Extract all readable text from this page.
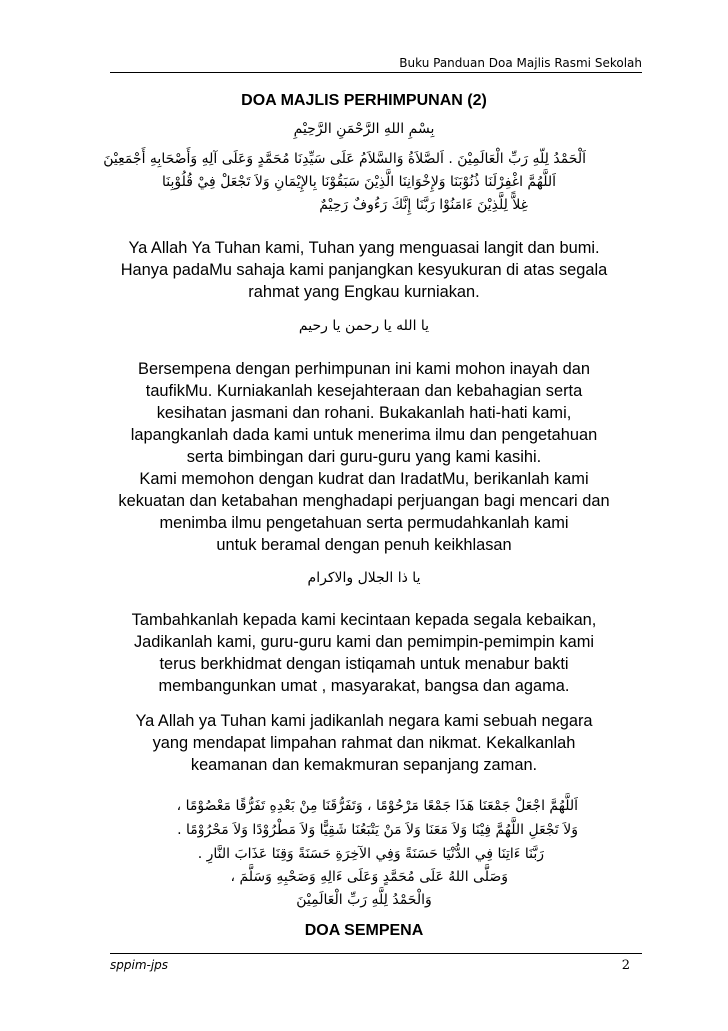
Buku Panduan Doa Majlis Rasmi Sekolah
DOA MAJLIS PERHIMPUNAN (2)
بِسْمِ اللهِ الرَّحْمَنِ الرَّحِيْمِ
اَلْحَمْدُ لِلّهِ رَبِّ الْعَالَمِيْنَ . اَلصَّلاَةُ وَالسَّلاَمُ عَلَى سَيِّدِنَا مُحَمَّدٍ وَعَلَى آلِهِ وَأَصْحَابِهِ أَجْمَعِيْنَ
اَللَّهُمَّ اغْفِرْلَنَا ذُنُوْبَنَا وَلإِخْوَانِنَا الَّذِيْنَ سَبَقُوْنَا بِالإِيْمَانِ وَلاَ تَجْعَلْ فِيْ قُلُوْبِنَا
غِلاًّ لِلَّذِيْنَ ءَامَنُوْا رَبَّنَا إِنَّكَ رَءُوفٌ رَحِيْمٌ
Ya Allah Ya Tuhan kami, Tuhan yang menguasai langit dan bumi.
Hanya padaMu sahaja kami panjangkan kesyukuran di atas segala
rahmat yang Engkau kurniakan.
يا الله يا رحمن يا رحيم
Bersempena dengan perhimpunan ini kami mohon inayah dan
taufikMu. Kurniakanlah kesejahteraan dan kebahagian serta
kesihatan jasmani dan rohani. Bukakanlah hati-hati kami,
lapangkanlah dada kami untuk menerima ilmu dan pengetahuan
serta bimbingan dari guru-guru yang kami kasihi.
Kami memohon dengan kudrat dan IradatMu, berikanlah kami
kekuatan dan ketabahan menghadapi perjuangan bagi mencari dan
menimba ilmu pengetahuan serta permudahkanlah kami
untuk beramal dengan penuh keikhlasan
يا ذا الجلال والاكرام
Tambahkanlah kepada kami kecintaan kepada segala kebaikan,
Jadikanlah kami, guru-guru kami dan pemimpin-pemimpin kami
terus berkhidmat dengan istiqamah untuk menabur bakti
membangunkan umat , masyarakat, bangsa dan agama.
Ya Allah ya Tuhan kami jadikanlah negara kami sebuah negara
yang mendapat limpahan rahmat dan nikmat. Kekalkanlah
keamanan dan kemakmuran sepanjang zaman.
اَللَّهُمَّ اجْعَلْ جَمْعَنَا هَذَا جَمْعًا مَرْحُوْمًا ، وَتَفَرُّقَنَا مِنْ بَعْدِهِ تَفَرُّقًا مَعْصُوْمًا ،
وَلاَ تَجْعَلِ اللَّهُمَّ فِيْنَا وَلاَ مَعَنَا وَلاَ مَنْ يَتْبَعُنَا شَقِيًّا وَلاَ مَطْرُوْدًا وَلاَ مَحْرُوْمًا .
رَبَّنَا ءَاتِنَا فِي الدُّنْيَا حَسَنَةً وَفِي الآخِرَةِ حَسَنَةً وَقِنَا عَذَابَ النَّارِ .
وَصَلَّى اللهُ عَلَى مُحَمَّدٍ وَعَلَى ءَالِهِ وَصَحْبِهِ وَسَلَّمَ ،
وَالْحَمْدُ لِلَّهِ رَبِّ الْعَالَمِيْنَ
DOA SEMPENA
sppim-jps	2
